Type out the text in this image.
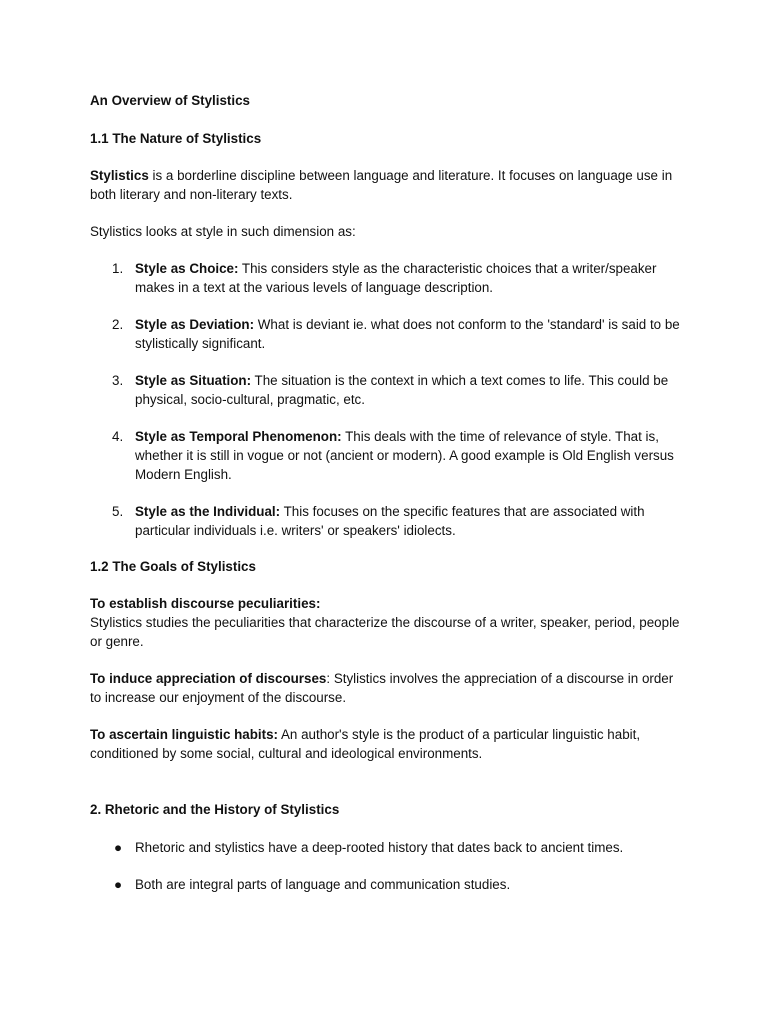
An Overview of Stylistics

1.1 The Nature of Stylistics

Stylistics is a borderline discipline between language and literature. It focuses on language use in both literary and non-literary texts.

Stylistics looks at style in such dimension as:

1. Style as Choice: This considers style as the characteristic choices that a writer/speaker makes in a text at the various levels of language description.
2. Style as Deviation: What is deviant ie. what does not conform to the 'standard' is said to be stylistically significant.
3. Style as Situation: The situation is the context in which a text comes to life. This could be physical, socio-cultural, pragmatic, etc.
4. Style as Temporal Phenomenon: This deals with the time of relevance of style. That is, whether it is still in vogue or not (ancient or modern). A good example is Old English versus Modern English.
5. Style as the Individual: This focuses on the specific features that are associated with particular individuals i.e. writers' or speakers' idiolects.

1.2 The Goals of Stylistics

To establish discourse peculiarities:
Stylistics studies the peculiarities that characterize the discourse of a writer, speaker, period, people or genre.

To induce appreciation of discourses: Stylistics involves the appreciation of a discourse in order to increase our enjoyment of the discourse.

To ascertain linguistic habits: An author's style is the product of a particular linguistic habit, conditioned by some social, cultural and ideological environments.

2. Rhetoric and the History of Stylistics

● Rhetoric and stylistics have a deep-rooted history that dates back to ancient times.
● Both are integral parts of language and communication studies.
